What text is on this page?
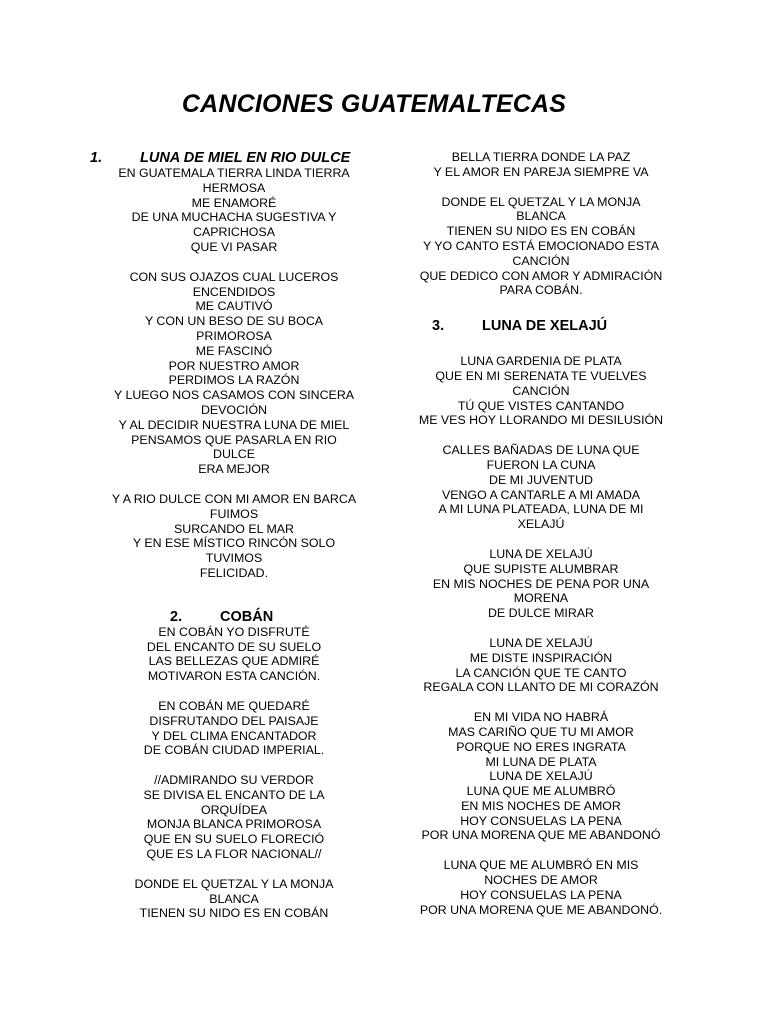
CANCIONES GUATEMALTECAS
1.	LUNA DE MIEL EN RIO DULCE
EN GUATEMALA TIERRA LINDA TIERRA
HERMOSA
ME ENAMORÉ
DE UNA MUCHACHA SUGESTIVA Y
CAPRICHOSA
QUE VI PASAR
CON SUS OJAZOS CUAL LUCEROS
ENCENDIDOS
ME CAUTIVÓ
Y CON UN BESO DE SU BOCA
PRIMOROSA
ME FASCINÓ
POR NUESTRO AMOR
PERDIMOS LA RAZÓN
Y LUEGO NOS CASAMOS CON SINCERA
DEVOCIÓN
Y AL DECIDIR NUESTRA LUNA DE MIEL
PENSAMOS QUE PASARLA EN RIO
DULCE
ERA MEJOR
Y A RIO DULCE CON MI AMOR EN BARCA
FUIMOS
SURCANDO EL MAR
Y EN ESE MÍSTICO RINCÓN SOLO
TUVIMOS
FELICIDAD.
2.	COBÁN
EN COBÁN YO DISFRUTÉ
DEL ENCANTO DE SU SUELO
LAS BELLEZAS QUE ADMIRÉ
MOTIVARON ESTA CANCIÓN.
EN COBÁN ME QUEDARÉ
DISFRUTANDO DEL PAISAJE
Y DEL CLIMA ENCANTADOR
DE COBÁN CIUDAD IMPERIAL.
//ADMIRANDO SU VERDOR
SE DIVISA EL ENCANTO DE LA
ORQUÍDEA
MONJA BLANCA PRIMOROSA
QUE EN SU SUELO FLORECIÓ
QUE ES LA FLOR NACIONAL//
DONDE EL QUETZAL Y LA MONJA
BLANCA
TIENEN SU NIDO ES EN COBÁN
BELLA TIERRA DONDE LA PAZ
Y EL AMOR EN PAREJA SIEMPRE VA
DONDE EL QUETZAL Y LA MONJA
BLANCA
TIENEN SU NIDO ES EN COBÁN
Y YO CANTO ESTÁ EMOCIONADO ESTA
CANCIÓN
QUE DEDICO CON AMOR Y ADMIRACIÓN
PARA COBÁN.
3.	LUNA DE XELAJÚ
LUNA GARDENIA DE PLATA
QUE EN MI SERENATA TE VUELVES
CANCIÓN
TÚ QUE VISTES CANTANDO
ME VES HOY LLORANDO MI DESILUSIÓN
CALLES BAÑADAS DE LUNA QUE
FUERON LA CUNA
DE MI JUVENTUD
VENGO A CANTARLE A MI AMADA
A MI LUNA PLATEADA, LUNA DE MI
XELAJÚ
LUNA DE XELAJÚ
QUE SUPISTE ALUMBRAR
EN MIS NOCHES DE PENA POR UNA
MORENA
DE DULCE MIRAR
LUNA DE XELAJÚ
ME DISTE INSPIRACIÓN
LA CANCIÓN QUE TE CANTO
REGALA CON LLANTO DE MI CORAZÓN
EN MI VIDA NO HABRÁ
MAS CARIÑO QUE TU MI AMOR
PORQUE NO ERES INGRATA
MI LUNA DE PLATA
LUNA DE XELAJÚ
LUNA QUE ME ALUMBRÓ
EN MIS NOCHES DE AMOR
HOY CONSUELAS LA PENA
POR UNA MORENA QUE ME ABANDONÓ
LUNA QUE ME ALUMBRÓ EN MIS
NOCHES DE AMOR
HOY CONSUELAS LA PENA
POR UNA MORENA QUE ME ABANDONÓ.
